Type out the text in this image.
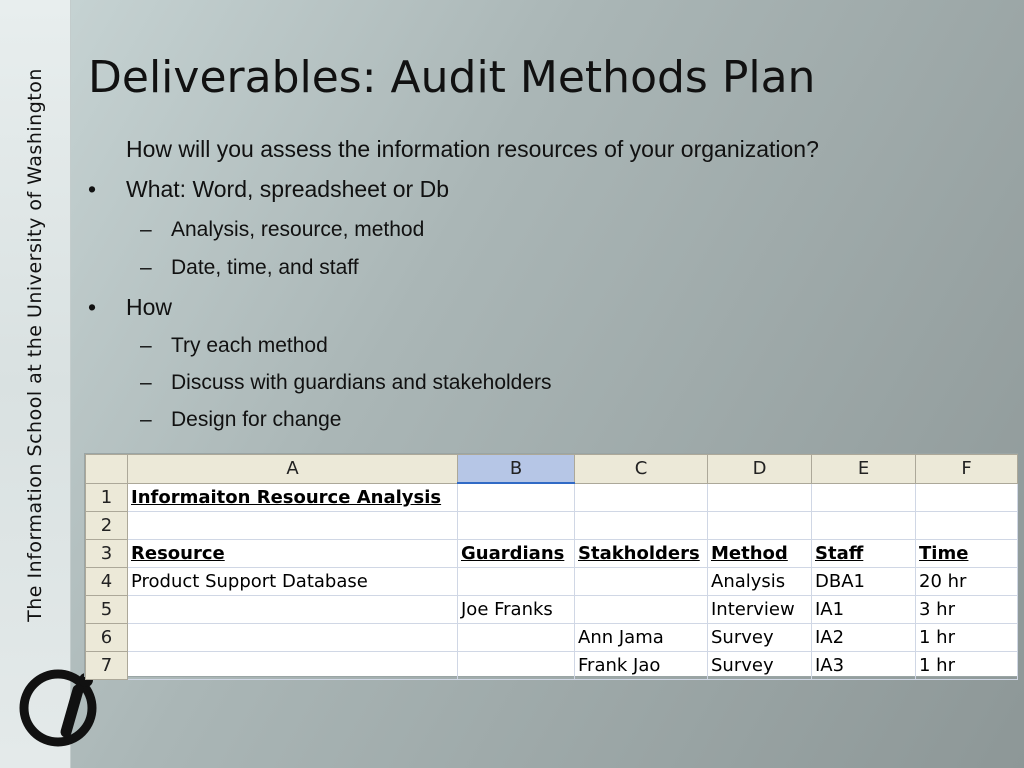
The Information School at the University of Washington Deliverables: Audit Methods Plan
How will you assess the information resources of your organization?
• What: Word, spreadsheet or Db
– Analysis, resource, method
– Date, time, and staff
• How
– Try each method
– Discuss with guardians and stakeholders
– Design for change
	A	B	C	D	E	F
1	Informaiton Resource Analysis					
2						
3	Resource	Guardians	Stakholders	Method	Staff	Time
4	Product Support Database			Analysis	DBA1	20 hr
5		Joe Franks		Interview	IA1	3 hr
6			Ann Jama	Survey	IA2	1 hr
7			Frank Jao	Survey	IA3	1 hr
